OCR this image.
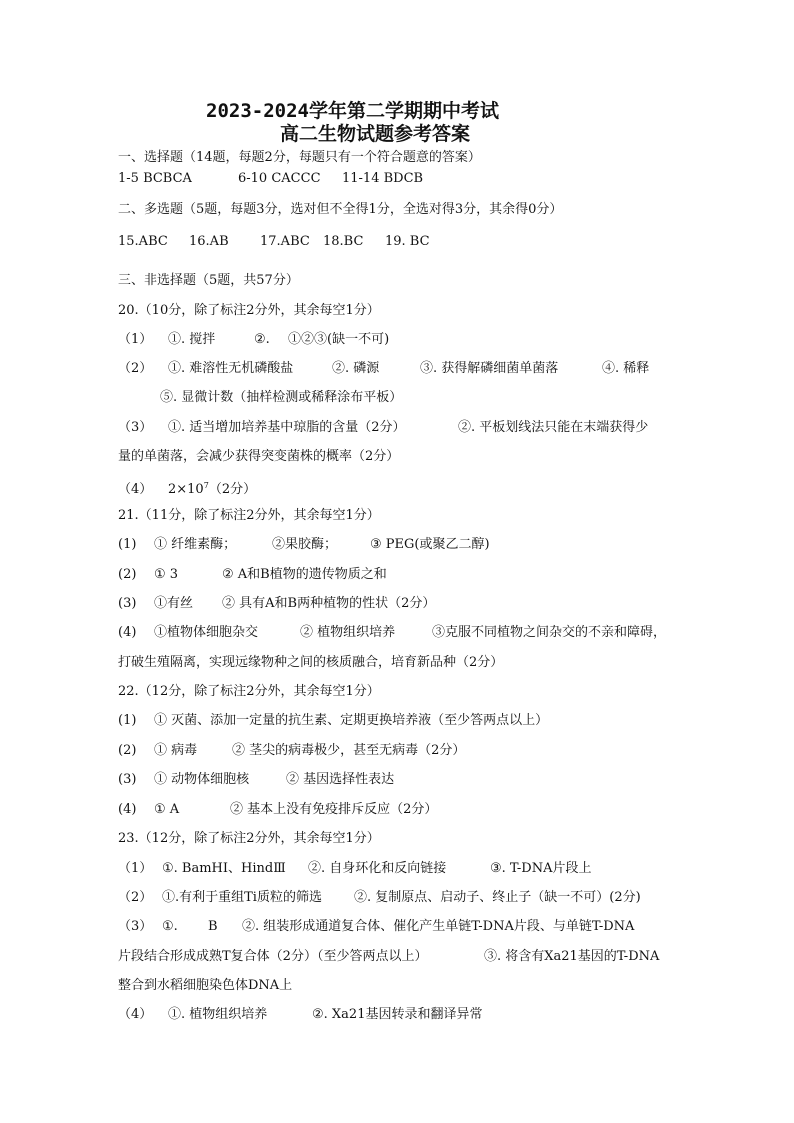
2023-2024学年第二学期期中考试
高二生物试题参考答案
一、选择题（14题，每题2分，每题只有一个符合题意的答案）
1-5 BCBCA	6-10 CACCC 11-14 BDCB
二、多选题（5题，每题3分，选对但不全得1分，全选对得3分，其余得0分）
15.ABC 16.AB 17.ABC 18.BC 19. BC
三、非选择题（5题，共57分）
20.（10分，除了标注2分外，其余每空1分）
（1） ①. 搅拌	②. ①②③(缺一不可)
（2） ①. 难溶性无机磷酸盐	②. 磷源	③. 获得解磷细菌单菌落	④. 稀释
⑤. 显微计数（抽样检测或稀释涂布平板）
（3） ①. 适当增加培养基中琼脂的含量（2分）	②. 平板划线法只能在末端获得少
量的单菌落，会减少获得突变菌株的概率（2分）
（4） $2\times 10^7(2$分）
21.（11分，除了标注2分外，其余每空1分）
(1) ① 纤维素酶；	②果胶酶；	③ PEG(或聚乙二醇)
(2) ① 3	② A和B植物的遗传物质之和
(3) ①有丝 ② 具有A和B两种植物的性状（2分）
(4) ①植物体细胞杂交	② 植物组织培养	③克服不同植物之间杂交的不亲和障碍，
打破生殖隔离，实现远缘物种之间的核质融合，培育新品种（2分）
22.（12分，除了标注2分外，其余每空1分）
(1) ① 灭菌、添加一定量的抗生素、定期更换培养液（至少答两点以上）
(2) ① 病毒	② 茎尖的病毒极少，甚至无病毒（2分）
(3) ① 动物体细胞核	② 基因选择性表达
(4) ① A	② 基本上没有免疫排斥反应（2分）
23.（12分，除了标注2分外，其余每空1分）
（1） ①. BamHⅠ、HindⅢ ②. 自身环化和反向链接	③. T-DNA片段上
（2） ①.有利于重组Ti质粒的筛选 ②. 复制原点、启动子、终止子（缺一不可）(2分)
（3） ①. B ②. 组装形成通道复合体、催化产生单链T-DNA片段、与单链T-DNA
片段结合形成成熟T复合体（2分）（至少答两点以上）	③. 将含有Xa21基因的T-DNA
整合到水稻细胞染色体DNA上
（4） ①. 植物组织培养	②. Xa21基因转录和翻译异常
